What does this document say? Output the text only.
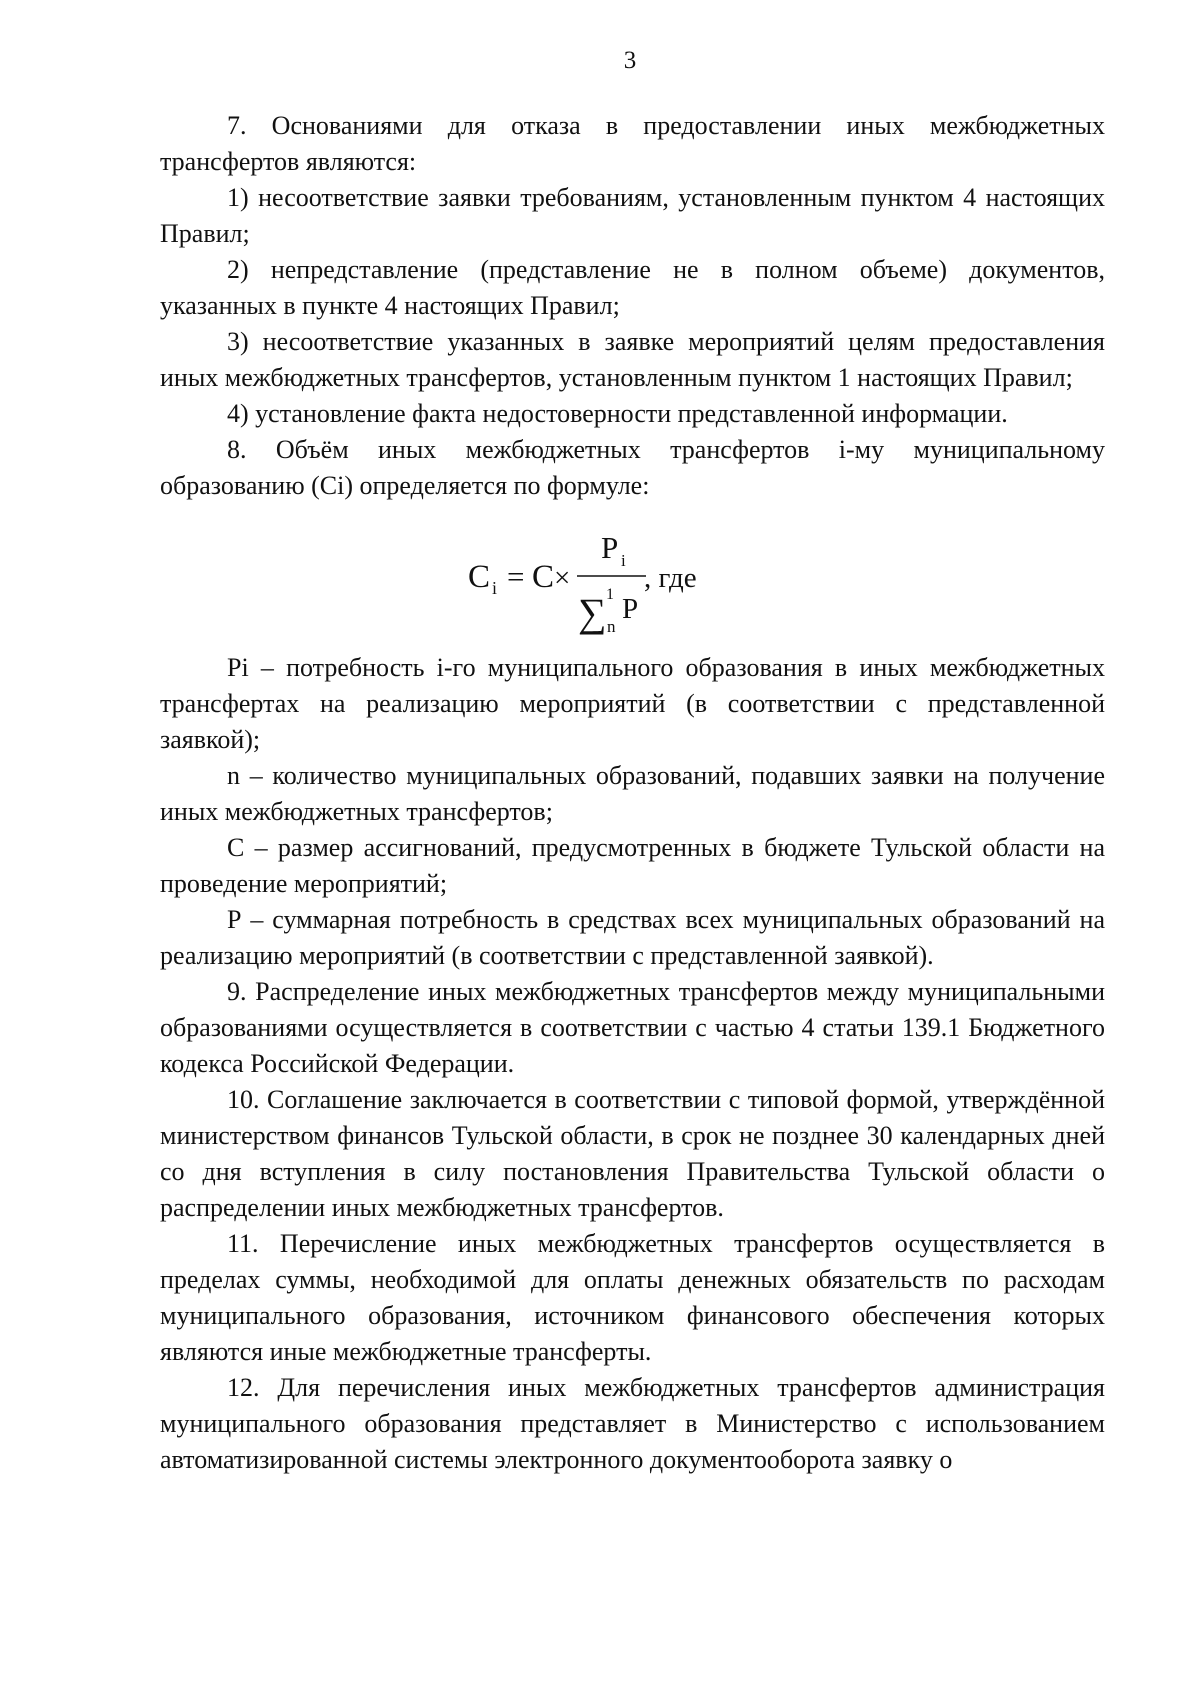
3

7. Основаниями для отказа в предоставлении иных межбюджетных трансфертов являются:

1) несоответствие заявки требованиям, установленным пунктом 4 настоящих Правил;

2) непредставление (представление не в полном объеме) документов, указанных в пункте 4 настоящих Правил;

3) несоответствие указанных в заявке мероприятий целям предоставления иных межбюджетных трансфертов, установленным пунктом 1 настоящих Правил;

4) установление факта недостоверности представленной информации.

8. Объём иных межбюджетных трансфертов i-му муниципальному образованию (Ci) определяется по формуле:

C i = C ×
P i
∑ 1
n
P
, где

Pi – потребность i-го муниципального образования в иных межбюджетных трансфертах на реализацию мероприятий (в соответствии с представленной заявкой);

n – количество муниципальных образований, подавших заявки на получение иных межбюджетных трансфертов;

С – размер ассигнований, предусмотренных в бюджете Тульской области на проведение мероприятий;

Р – суммарная потребность в средствах всех муниципальных образований на реализацию мероприятий (в соответствии с представленной заявкой).

9. Распределение иных межбюджетных трансфертов между муниципальными образованиями осуществляется в соответствии с частью 4 статьи 139.1 Бюджетного кодекса Российской Федерации.

10. Соглашение заключается в соответствии с типовой формой, утверждённой министерством финансов Тульской области, в срок не позднее 30 календарных дней со дня вступления в силу постановления Правительства Тульской области о распределении иных межбюджетных трансфертов.

11. Перечисление иных межбюджетных трансфертов осуществляется в пределах суммы, необходимой для оплаты денежных обязательств по расходам муниципального образования, источником финансового обеспечения которых являются иные межбюджетные трансферты.

12. Для перечисления иных межбюджетных трансфертов администрация муниципального образования представляет в Министерство с использованием автоматизированной системы электронного документооборота заявку о
